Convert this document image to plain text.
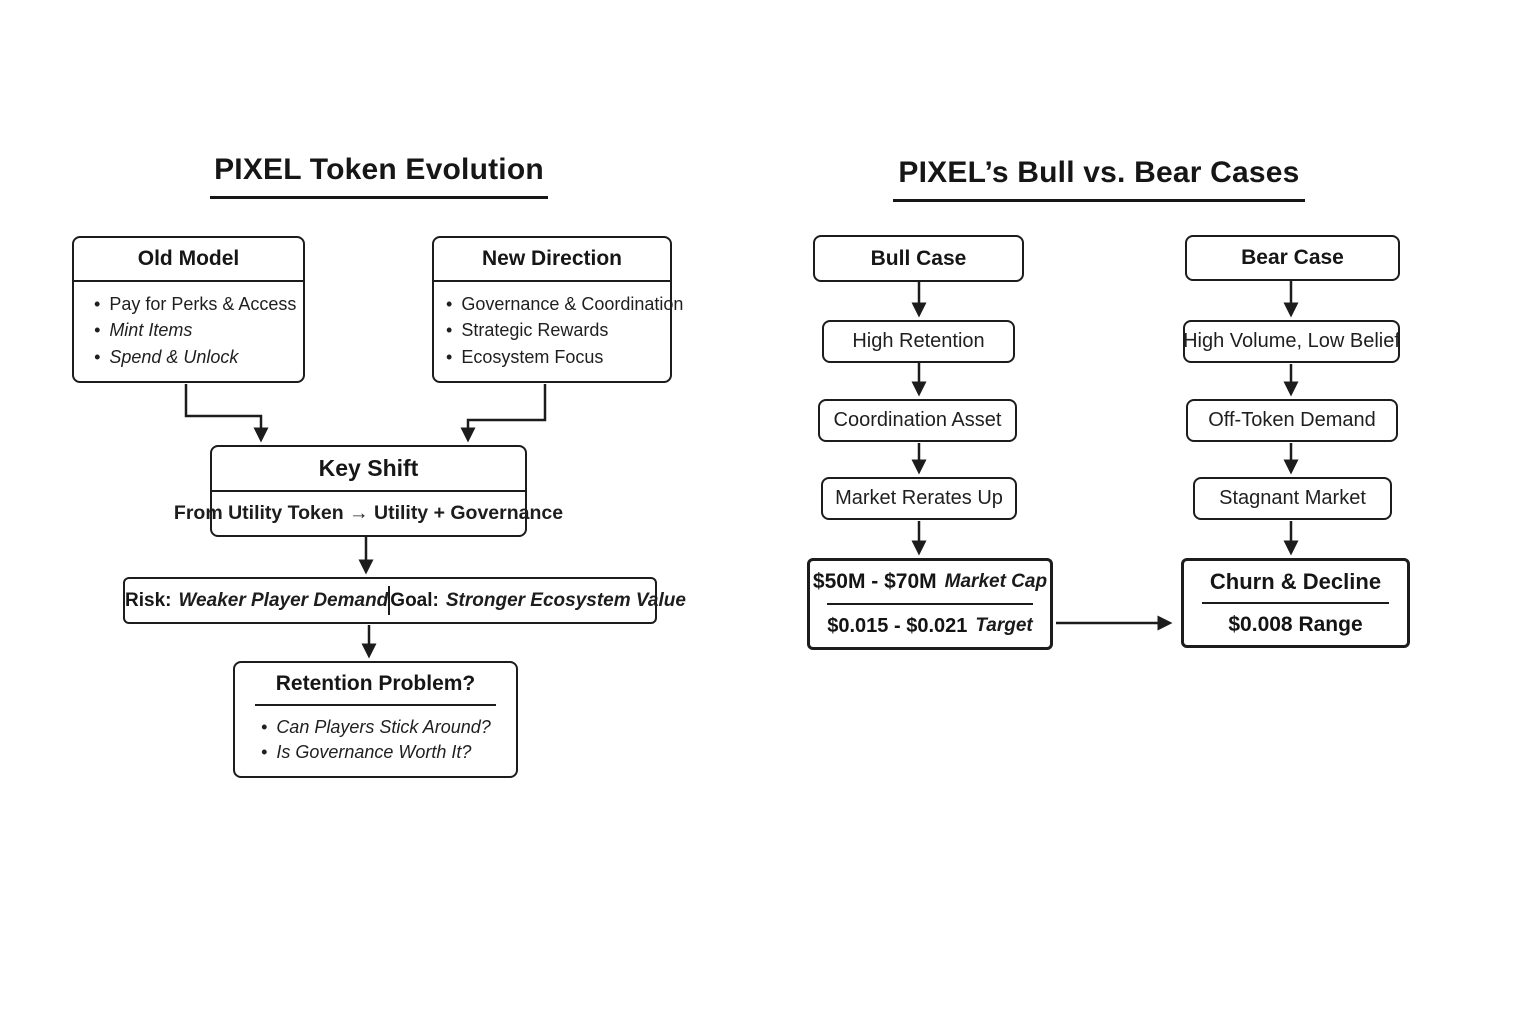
PIXEL Token Evolution
Old Model
• Pay for Perks & Access
• Mint Items
• Spend & Unlock
New Direction
• Governance & Coordination
• Strategic Rewards
• Ecosystem Focus
Key Shift
From Utility Token → Utility + Governance
Risk: Weaker Player Demand Goal: Stronger Ecosystem Value
Retention Problem?
• Can Players Stick Around?
• Is Governance Worth It?
PIXEL’s Bull vs. Bear Cases
Bull Case
High Retention
Coordination Asset
Market Rerates Up
$50M - $70M Market Cap
$0.015 - $0.021 Target
Bear Case
High Volume, Low Belief
Off-Token Demand
Stagnant Market
Churn & Decline
$0.008 Range
